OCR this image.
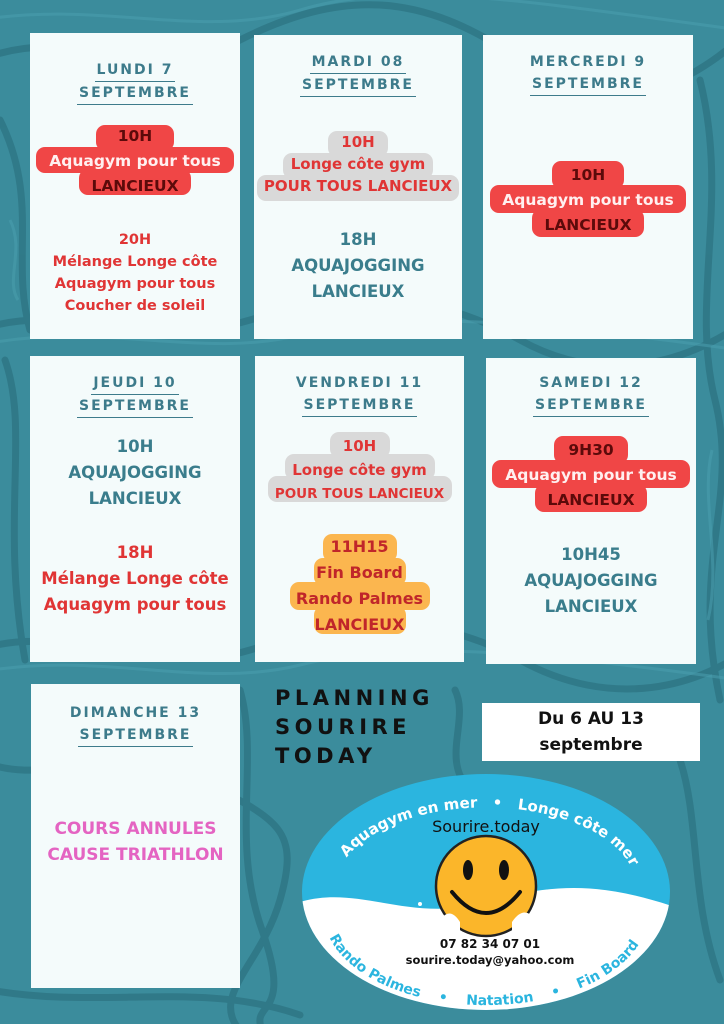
LUNDI 7
SEPTEMBRE
10H
Aquagym pour tous
LANCIEUX
20H
Mélange Longe côte
Aquagym pour tous
Coucher de soleil
MARDI 08
SEPTEMBRE
10H
Longe côte gym
POUR TOUS LANCIEUX
18H
AQUAJOGGING
LANCIEUX
MERCREDI 9
SEPTEMBRE
10H
Aquagym pour tous
LANCIEUX
JEUDI 10
SEPTEMBRE
10H
AQUAJOGGING
LANCIEUX
18H
Mélange Longe côte
Aquagym pour tous
VENDREDI 11
SEPTEMBRE
10H
Longe côte gym
POUR TOUS LANCIEUX
11H15
Fin Board
Rando Palmes
LANCIEUX
SAMEDI 12
SEPTEMBRE
9H30
Aquagym pour tous
LANCIEUX
10H45
AQUAJOGGING
LANCIEUX
DIMANCHE 13
SEPTEMBRE
COURS ANNULES
CAUSE TRIATHLON
PLANNING
SOURIRE
TODAY
Du 6 AU 13
septembre
Aquagym en mer • Longe côte mer
Sourire.today
07 82 34 07 01
sourire.today@yahoo.com
Rando Palmes • Natation • Fin Board
